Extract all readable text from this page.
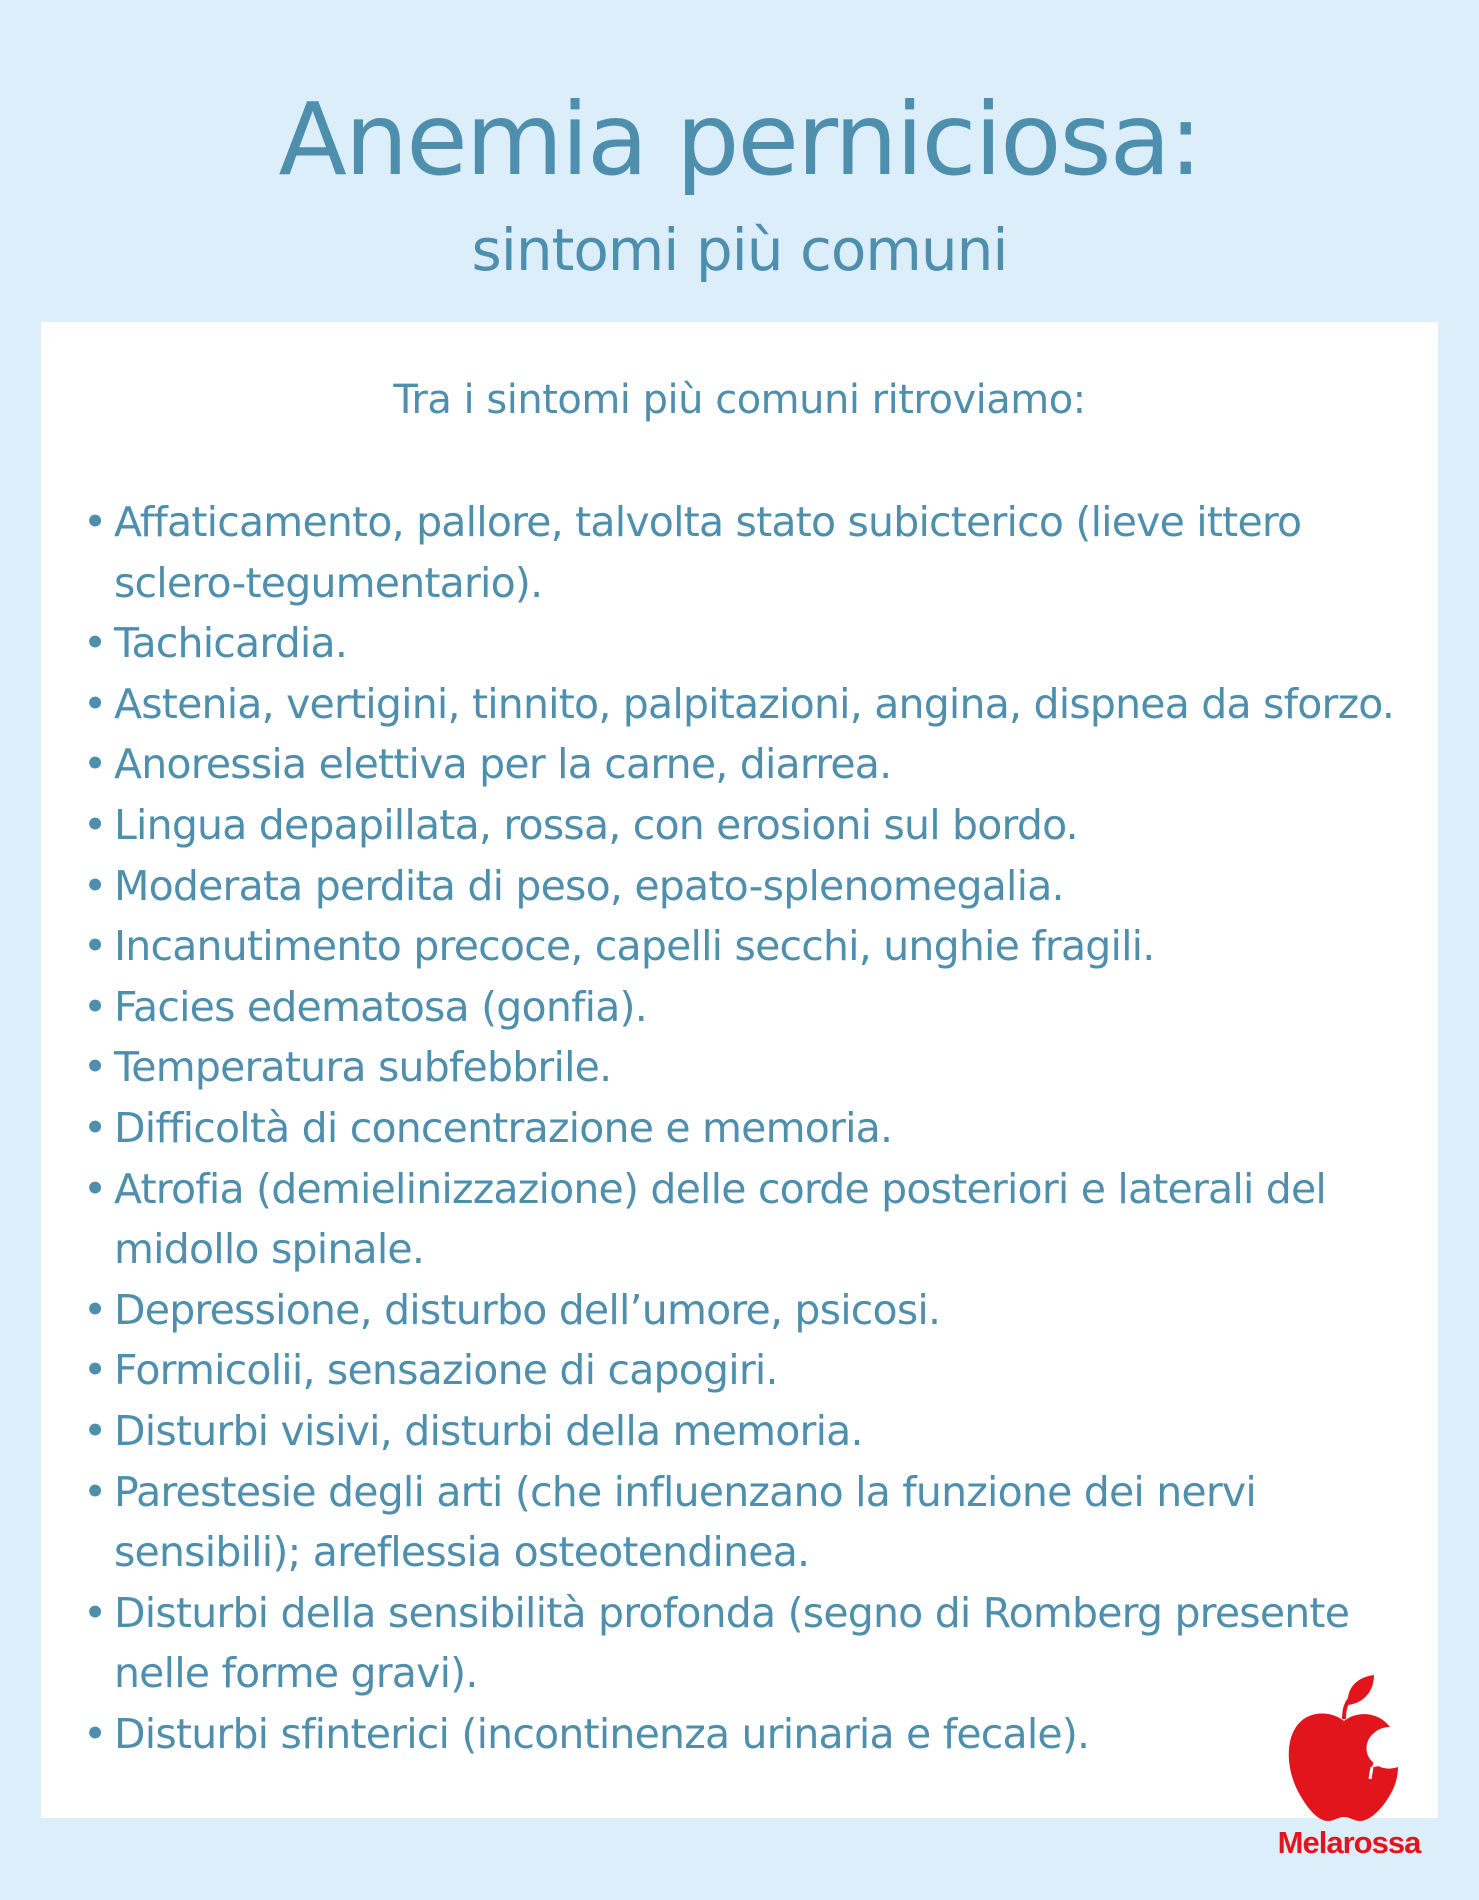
Anemia perniciosa:
sintomi più comuni
Tra i sintomi più comuni ritroviamo:
• Affaticamento, pallore, talvolta stato subicterico (lieve ittero sclero-tegumentario).
• Tachicardia.
• Astenia, vertigini, tinnito, palpitazioni, angina, dispnea da sforzo.
• Anoressia elettiva per la carne, diarrea.
• Lingua depapillata, rossa, con erosioni sul bordo.
• Moderata perdita di peso, epato-splenomegalia.
• Incanutimento precoce, capelli secchi, unghie fragili.
• Facies edematosa (gonfia).
• Temperatura subfebbrile.
• Difficoltà di concentrazione e memoria.
• Atrofia (demielinizzazione) delle corde posteriori e laterali del midollo spinale.
• Depressione, disturbo dell’umore, psicosi.
• Formicolii, sensazione di capogiri.
• Disturbi visivi, disturbi della memoria.
• Parestesie degli arti (che influenzano la funzione dei nervi sensibili); areflessia osteotendinea.
• Disturbi della sensibilità profonda (segno di Romberg presente nelle forme gravi).
• Disturbi sfinterici (incontinenza urinaria e fecale).
Melarossa
